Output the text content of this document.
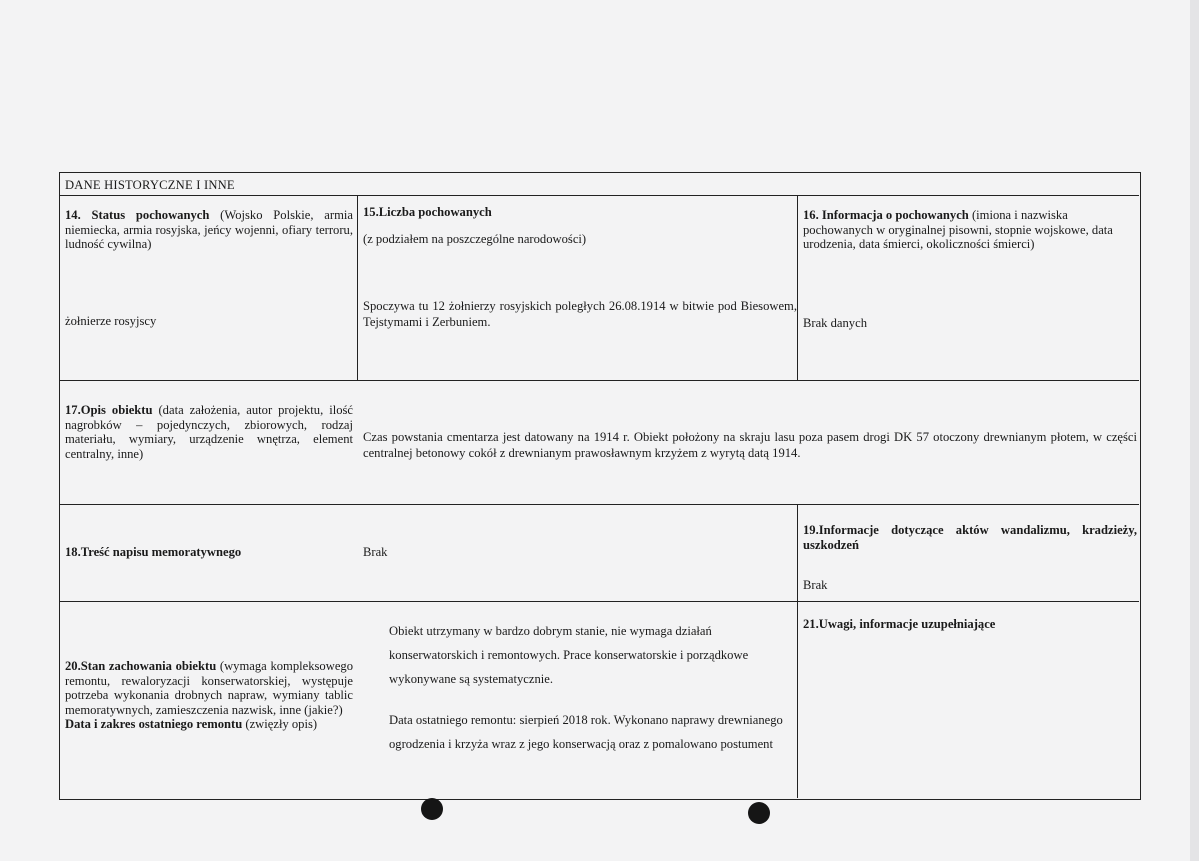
DANE HISTORYCZNE I INNE
14. Status pochowanych (Wojsko Polskie, armia niemiecka, armia rosyjska, jeńcy wojenni, ofiary terroru, ludność cywilna)
żołnierze rosyjscy
15.Liczba pochowanych
(z podziałem na poszczególne narodowości)
Spoczywa tu 12 żołnierzy rosyjskich poległych 26.08.1914 w bitwie pod Biesowem, Tejstymami i Zerbuniem.
16. Informacja o pochowanych (imiona i nazwiska pochowanych w oryginalnej pisowni, stopnie wojskowe, data urodzenia, data śmierci, okoliczności śmierci)
Brak danych
17.Opis obiektu (data założenia, autor projektu, ilość nagrobków – pojedynczych, zbiorowych, rodzaj materiału, wymiary, urządzenie wnętrza, element centralny, inne)
Czas powstania cmentarza jest datowany na 1914 r. Obiekt położony na skraju lasu poza pasem drogi DK 57 otoczony drewnianym płotem, w części centralnej betonowy cokół z drewnianym prawosławnym krzyżem z wyrytą datą 1914.
18.Treść napisu memoratywnego	Brak
19.Informacje dotyczące aktów wandalizmu, kradzieży, uszkodzeń
Brak
20.Stan zachowania obiektu (wymaga kompleksowego remontu, rewaloryzacji konserwatorskiej, występuje potrzeba wykonania drobnych napraw, wymiany tablic memoratywnych, zamieszczenia nazwisk, inne (jakie?)
Data i zakres ostatniego remontu (zwięzły opis)
Obiekt utrzymany w bardzo dobrym stanie, nie wymaga działań konserwatorskich i remontowych. Prace konserwatorskie i porządkowe wykonywane są systematycznie.
Data ostatniego remontu: sierpień 2018 rok. Wykonano naprawy drewnianego ogrodzenia i krzyża wraz z jego konserwacją oraz z pomalowano postument
21.Uwagi, informacje uzupełniające
